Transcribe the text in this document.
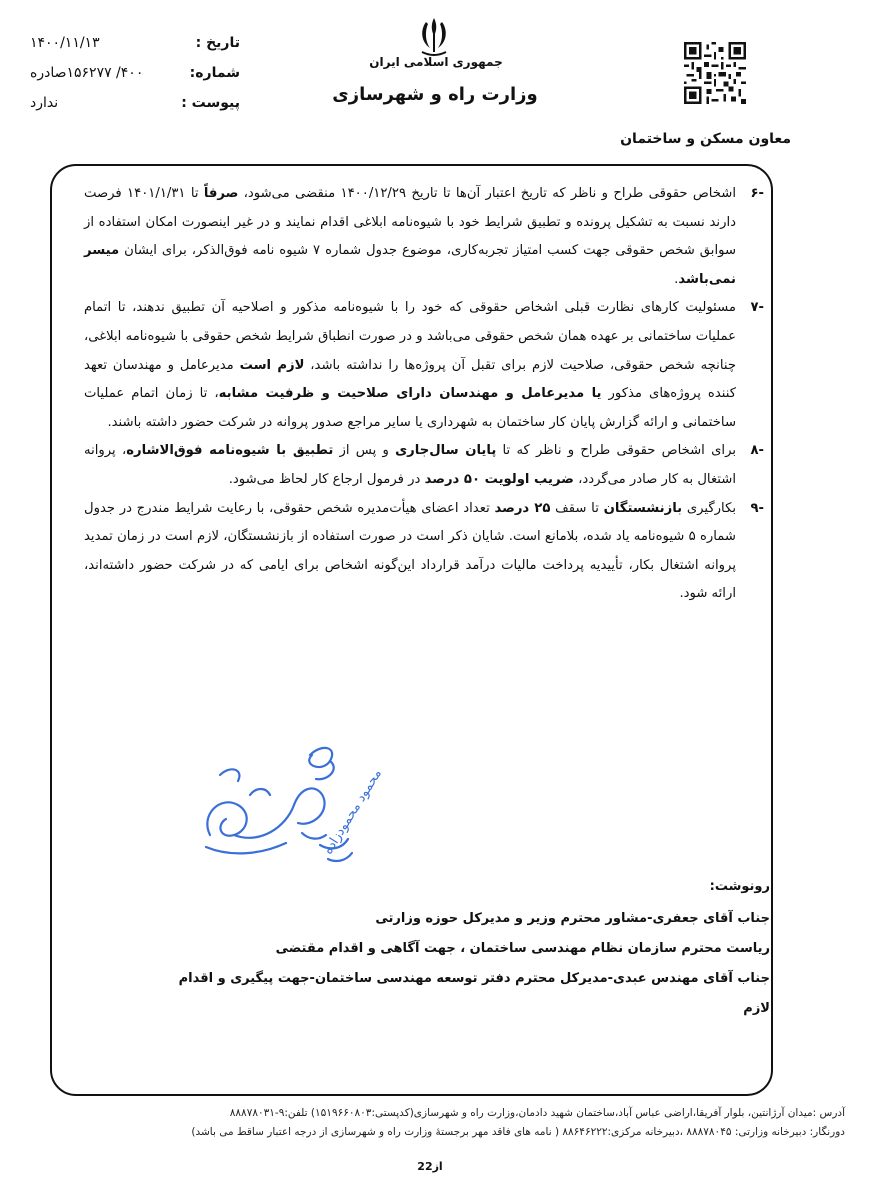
تاریخ :
۱۴۰۰/۱۱/۱۳
شماره:
۴۰۰/ ۱۵۶۲۷۷صادره
پیوست :
ندارد
جمهوری اسلامی ایران
وزارت راه و شهرسازی
معاون مسکن و ساختمان
-۶

اشخاص حقوقی طراح و ناظر که تاریخ اعتبار آن‌ها تا تاریخ ۱۴۰۰/۱۲/۲۹ منقضی می‌شود، صرفاً تا ۱۴۰۱/۱/۳۱ فرصت دارند نسبت به تشکیل پرونده و تطبیق شرایط خود با شیوه‌نامه ابلاغی اقدام نمایند و در غیر اینصورت امکان استفاده از سوابق شخص حقوقی جهت کسب امتیاز تجربه‌کاری، موضوع جدول شماره ۷ شیوه نامه فوق‌الذکر، برای ایشان میسر نمی‌باشد.

-۷

مسئولیت کارهای نظارت قبلی اشخاص حقوقی که خود را با شیوه‌نامه مذکور و اصلاحیه آن تطبیق ندهند، تا اتمام عملیات ساختمانی بر عهده همان شخص حقوقی می‌باشد و در صورت انطباق شرایط شخص حقوقی با شیوه‌نامه ابلاغی، چنانچه شخص حقوقی، صلاحیت لازم برای تقبل آن پروژه‌ها را نداشته باشد، لازم است مدیرعامل و مهندسان تعهد کننده پروژه‌های مذکور یا مدیرعامل و مهندسان دارای صلاحیت و ظرفیت مشابه، تا زمان اتمام عملیات ساختمانی و ارائه گزارش پایان کار ساختمان به شهرداری یا سایر مراجع صدور پروانه در شرکت حضور داشته باشند.

-۸

برای اشخاص حقوقی طراح و ناظر که تا پایان سال‌جاری و پس از تطبیق با شیوه‌نامه فوق‌الاشاره، پروانه اشتغال به کار صادر می‌گردد، ضریب اولویت ۵۰ درصد در فرمول ارجاع کار لحاظ می‌شود.

-۹

بکارگیری بازنشستگان تا سقف ۲۵ درصد تعداد اعضای هیأت‌مدیره شخص حقوقی، با رعایت شرایط مندرج در جدول شماره ۵ شیوه‌نامه یاد شده، بلامانع است. شایان ذکر است در صورت استفاده از بازنشستگان، لازم است در زمان تمدید پروانه اشتغال بکار، تأییدیه پرداخت مالیات درآمد قرارداد این‌گونه اشخاص برای ایامی که در شرکت حضور داشته‌اند، ارائه شود.

محمود محمودزاده
رونوشت:
جناب آقای جعفری-مشاور محترم وزیر و مدیرکل حوزه وزارتی
ریاست محترم سازمان نظام مهندسی ساختمان ، جهت آگاهی و اقدام مقتضی
جناب آقای مهندس عبدی-مدیرکل محترم دفتر توسعه مهندسی ساختمان-جهت پیگیری و اقدام لازم
آدرس :میدان آرژانتین، بلوار آفریقا،اراضی عباس آباد،ساختمان شهید دادمان،وزارت راه و شهرسازی(کدپستی:۱۵۱۹۶۶۰۸۰۳) تلفن:۹-۸۸۸۷۸۰۳۱
دورنگار: دبیرخانه وزارتی: ۸۸۸۷۸۰۴۵ ،دبیرخانه مرکزی:۸۸۶۴۶۲۲۲ ( نامه های فاقد مهر برجستهٔ وزارت راه و شهرسازی از درجه اعتبار ساقط می باشد)
2از2
